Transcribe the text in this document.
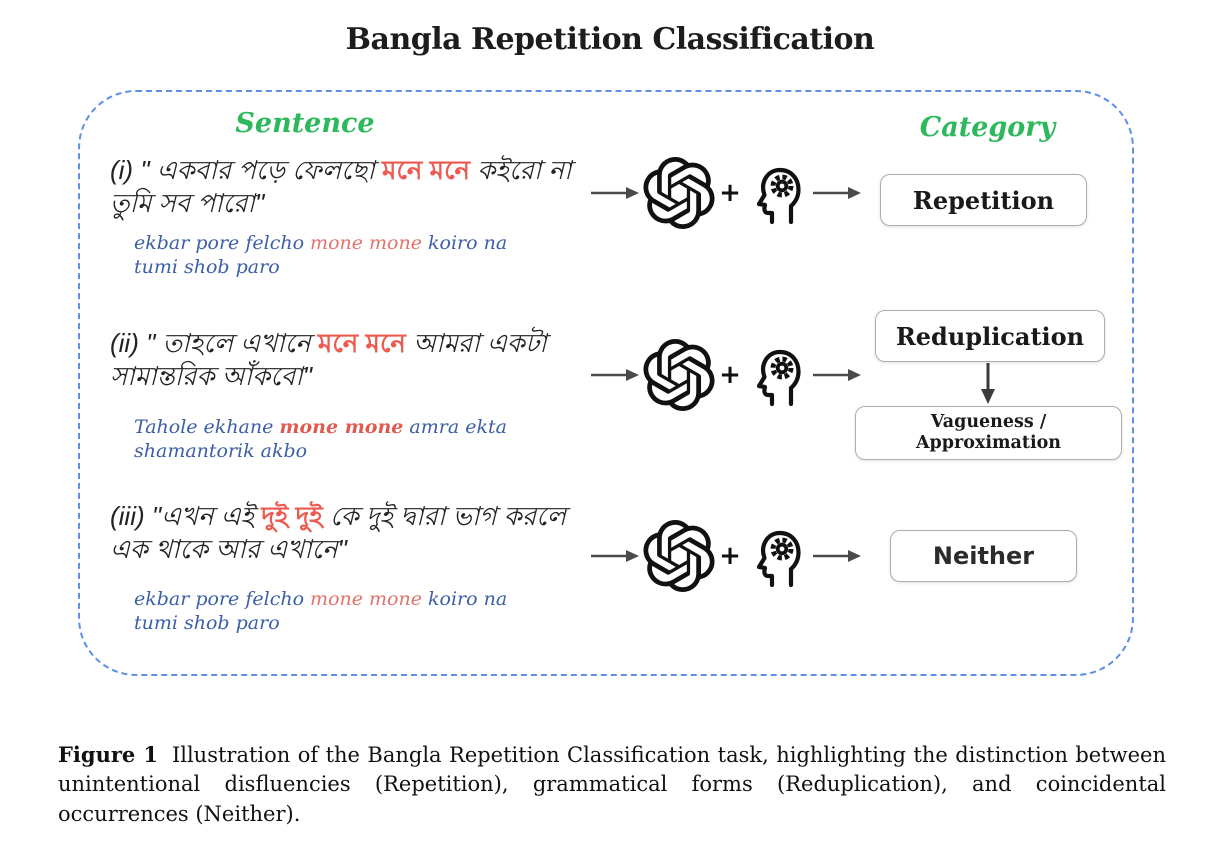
Bangla Repetition Classification
Sentence	Category
(i) " একবার পড়ে ফেলছো মনে মনে কইরো না তুমি সব পারো"
ekbar pore felcho mone mone koiro na tumi shob paro
+	Repetition
(ii) " তাহলে এখানে মনে মনে আমরা একটা সামান্তরিক আঁকবো"
Tahole ekhane mone mone amra ekta shamantorik akbo
+
Reduplication
Vagueness /
Approximation
(iii) "এখন এই দুই দুই কে দুই দ্বারা ভাগ করলে এক থাকে আর এখানে"
ekbar pore felcho mone mone koiro na tumi shob paro
+	Neither

Figure 1 Illustration of the Bangla Repetition Classification task, highlighting the distinction between unintentional disfluencies (Repetition), grammatical forms (Reduplication), and coincidental occurrences (Neither).
